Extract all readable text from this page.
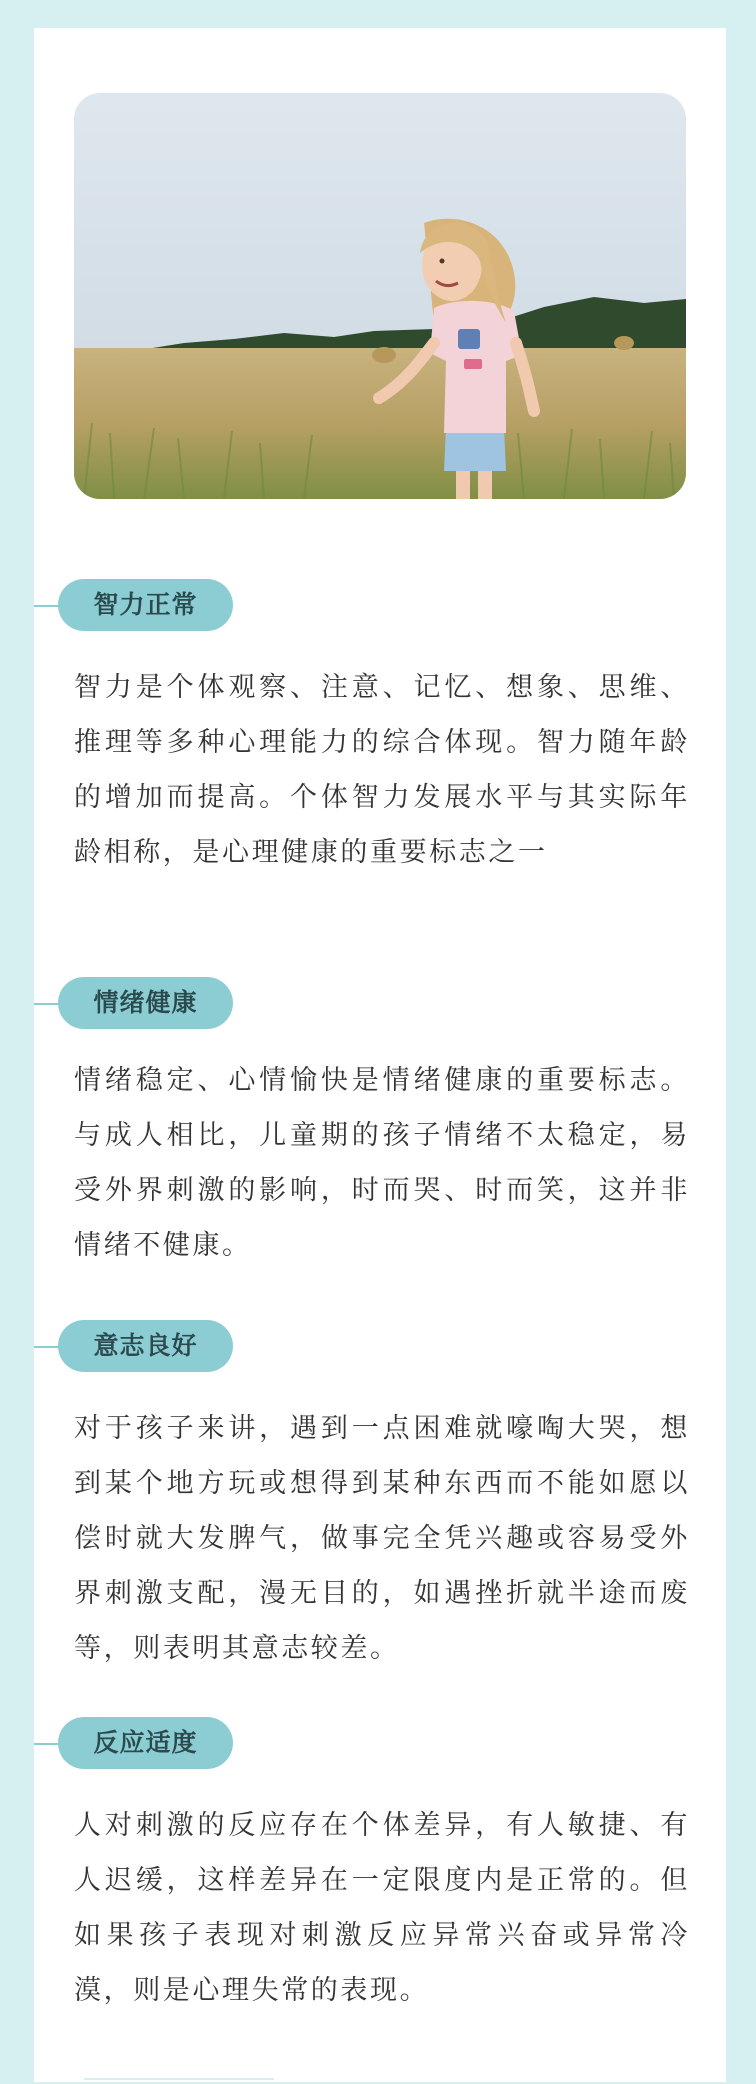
智力正常

智力是个体观察、注意、记忆、想象、思维、推理等多种心理能力的综合体现。智力随年龄的增加而提高。个体智力发展水平与其实际年龄相称，是心理健康的重要标志之一

情绪健康

情绪稳定、心情愉快是情绪健康的重要标志。与成人相比，儿童期的孩子情绪不太稳定，易受外界刺激的影响，时而哭、时而笑，这并非情绪不健康。

意志良好

对于孩子来讲，遇到一点困难就嚎啕大哭，想到某个地方玩或想得到某种东西而不能如愿以偿时就大发脾气，做事完全凭兴趣或容易受外界刺激支配，漫无目的，如遇挫折就半途而废等，则表明其意志较差。

反应适度

人对刺激的反应存在个体差异，有人敏捷、有人迟缓，这样差异在一定限度内是正常的。但如果孩子表现对刺激反应异常兴奋或异常冷漠，则是心理失常的表现。
